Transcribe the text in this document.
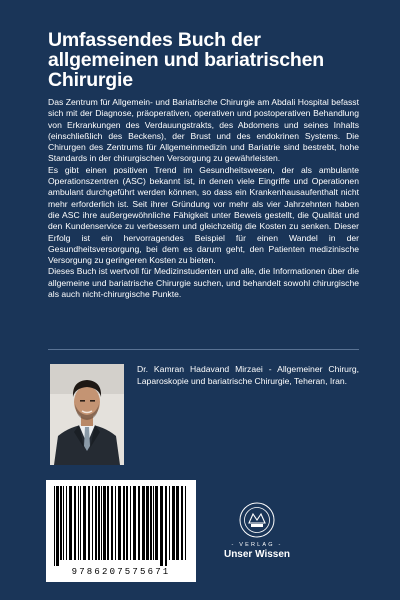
Umfassendes Buch der allgemeinen und bariatrischen Chirurgie

Das Zentrum für Allgemein- und Bariatrische Chirurgie am Abdali Hospital befasst sich mit der Diagnose, präoperativen, operativen und postoperativen Behandlung von Erkrankungen des Verdauungstrakts, des Abdomens und seines Inhalts (einschließlich des Beckens), der Brust und des endokrinen Systems. Die Chirurgen des Zentrums für Allgemeinmedizin und Bariatrie sind bestrebt, hohe Standards in der chirurgischen Versorgung zu gewährleisten.

Es gibt einen positiven Trend im Gesundheitswesen, der als ambulante Operationszentren (ASC) bekannt ist, in denen viele Eingriffe und Operationen ambulant durchgeführt werden können, so dass ein Krankenhausaufenthalt nicht mehr erforderlich ist. Seit ihrer Gründung vor mehr als vier Jahrzehnten haben die ASC ihre außergewöhnliche Fähigkeit unter Beweis gestellt, die Qualität und den Kundenservice zu verbessern und gleichzeitig die Kosten zu senken. Dieser Erfolg ist ein hervorragendes Beispiel für einen Wandel in der Gesundheitsversorgung, bei dem es darum geht, den Patienten medizinische Versorgung zu geringeren Kosten zu bieten.

Dieses Buch ist wertvoll für Medizinstudenten und alle, die Informationen über die allgemeine und bariatrische Chirurgie suchen, und behandelt sowohl chirurgische als auch nicht-chirurgische Punkte.

Dr. Kamran Hadavand Mirzaei - Allgemeiner Chirurg, Laparoskopie und bariatrische Chirurgie, Teheran, Iran.
9786207575671
- VERLAG -
Unser Wissen
